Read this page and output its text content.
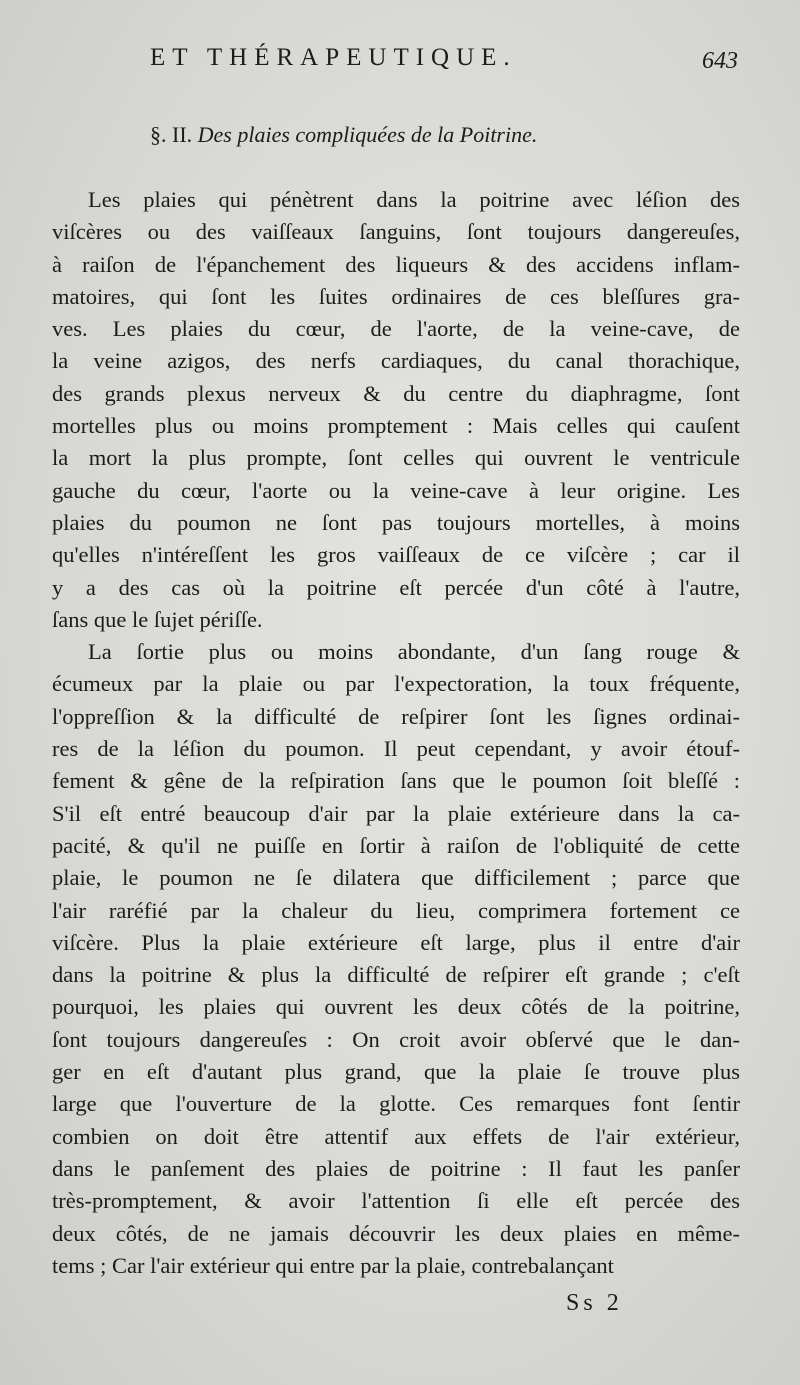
ET THÉRAPEUTIQUE.	643
§. II. Des plaies compliquées de la Poitrine.
Les plaies qui pénètrent dans la poitrine avec léſion des
viſcères ou des vaiſſeaux ſanguins, ſont toujours dangereuſes,
à raiſon de l'épanchement des liqueurs & des accidens inflam-
matoires, qui ſont les ſuites ordinaires de ces bleſſures gra-
ves. Les plaies du cœur, de l'aorte, de la veine-cave, de
la veine azigos, des nerfs cardiaques, du canal thorachique,
des grands plexus nerveux & du centre du diaphragme, ſont
mortelles plus ou moins promptement : Mais celles qui cauſent
la mort la plus prompte, ſont celles qui ouvrent le ventricule
gauche du cœur, l'aorte ou la veine-cave à leur origine. Les
plaies du poumon ne ſont pas toujours mortelles, à moins
qu'elles n'intéreſſent les gros vaiſſeaux de ce viſcère ; car il
y a des cas où la poitrine eſt percée d'un côté à l'autre,
ſans que le ſujet périſſe.
La ſortie plus ou moins abondante, d'un ſang rouge &
écumeux par la plaie ou par l'expectoration, la toux fréquente,
l'oppreſſion & la difficulté de reſpirer ſont les ſignes ordinai-
res de la léſion du poumon. Il peut cependant, y avoir étouf-
fement & gêne de la reſpiration ſans que le poumon ſoit bleſſé :
S'il eſt entré beaucoup d'air par la plaie extérieure dans la ca-
pacité, & qu'il ne puiſſe en ſortir à raiſon de l'obliquité de cette
plaie, le poumon ne ſe dilatera que difficilement ; parce que
l'air raréfié par la chaleur du lieu, comprimera fortement ce
viſcère. Plus la plaie extérieure eſt large, plus il entre d'air
dans la poitrine & plus la difficulté de reſpirer eſt grande ; c'eſt
pourquoi, les plaies qui ouvrent les deux côtés de la poitrine,
ſont toujours dangereuſes : On croit avoir obſervé que le dan-
ger en eſt d'autant plus grand, que la plaie ſe trouve plus
large que l'ouverture de la glotte. Ces remarques font ſentir
combien on doit être attentif aux effets de l'air extérieur,
dans le panſement des plaies de poitrine : Il faut les panſer
très-promptement, & avoir l'attention ſi elle eſt percée des
deux côtés, de ne jamais découvrir les deux plaies en même-
tems ; Car l'air extérieur qui entre par la plaie, contrebalançant
Ss 2
